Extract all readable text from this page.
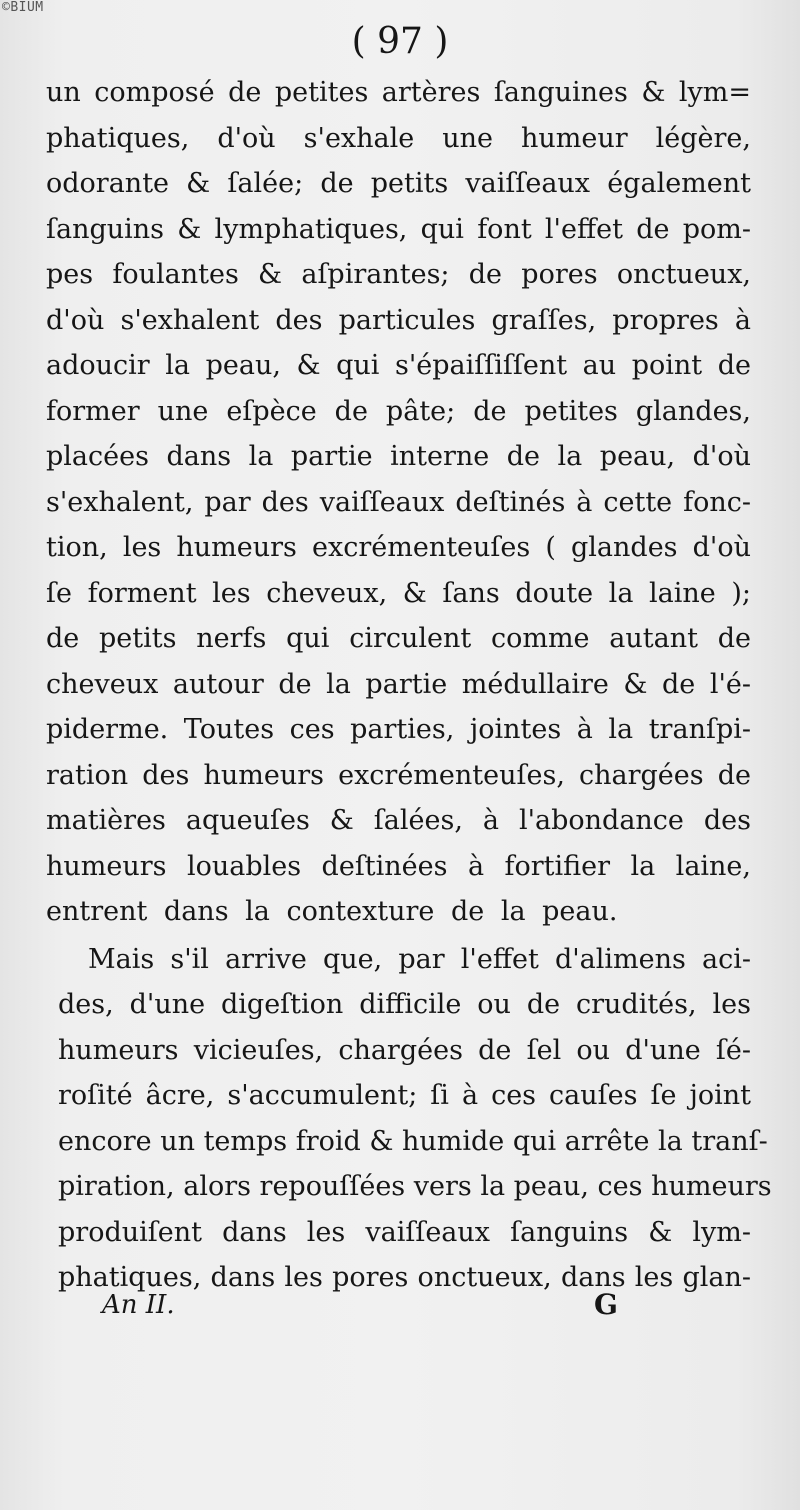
©BIUM
( 97 )
un composé de petites artères ſanguines & lym=
phatiques, d'où s'exhale une humeur légère,
odorante & ſalée; de petits vaiſſeaux également
ſanguins & lymphatiques, qui font l'effet de pom-
pes foulantes & aſpirantes; de pores onctueux,
d'où s'exhalent des particules graſſes, propres à
adoucir la peau, & qui s'épaiſſiſſent au point de
former une eſpèce de pâte; de petites glandes,
placées dans la partie interne de la peau, d'où
s'exhalent, par des vaiſſeaux deſtinés à cette fonc-
tion, les humeurs excrémenteuſes ( glandes d'où
ſe forment les cheveux, & ſans doute la laine );
de petits nerfs qui circulent comme autant de
cheveux autour de la partie médullaire & de l'é-
piderme. Toutes ces parties, jointes à la tranſpi-
ration des humeurs excrémenteuſes, chargées de
matières aqueuſes & ſalées, à l'abondance des
humeurs louables deſtinées à fortifier la laine,
entrent dans la contexture de la peau.
Mais s'il arrive que, par l'effet d'alimens aci-
des, d'une digeſtion difficile ou de crudités, les
humeurs vicieuſes, chargées de ſel ou d'une ſé-
roſité âcre, s'accumulent; ſi à ces cauſes ſe joint
encore un temps froid & humide qui arrête la tranſ-
piration, alors repouſſées vers la peau, ces humeurs
produiſent dans les vaiſſeaux ſanguins & lym-
phatiques, dans les pores onctueux, dans les glan-
An II.	G
